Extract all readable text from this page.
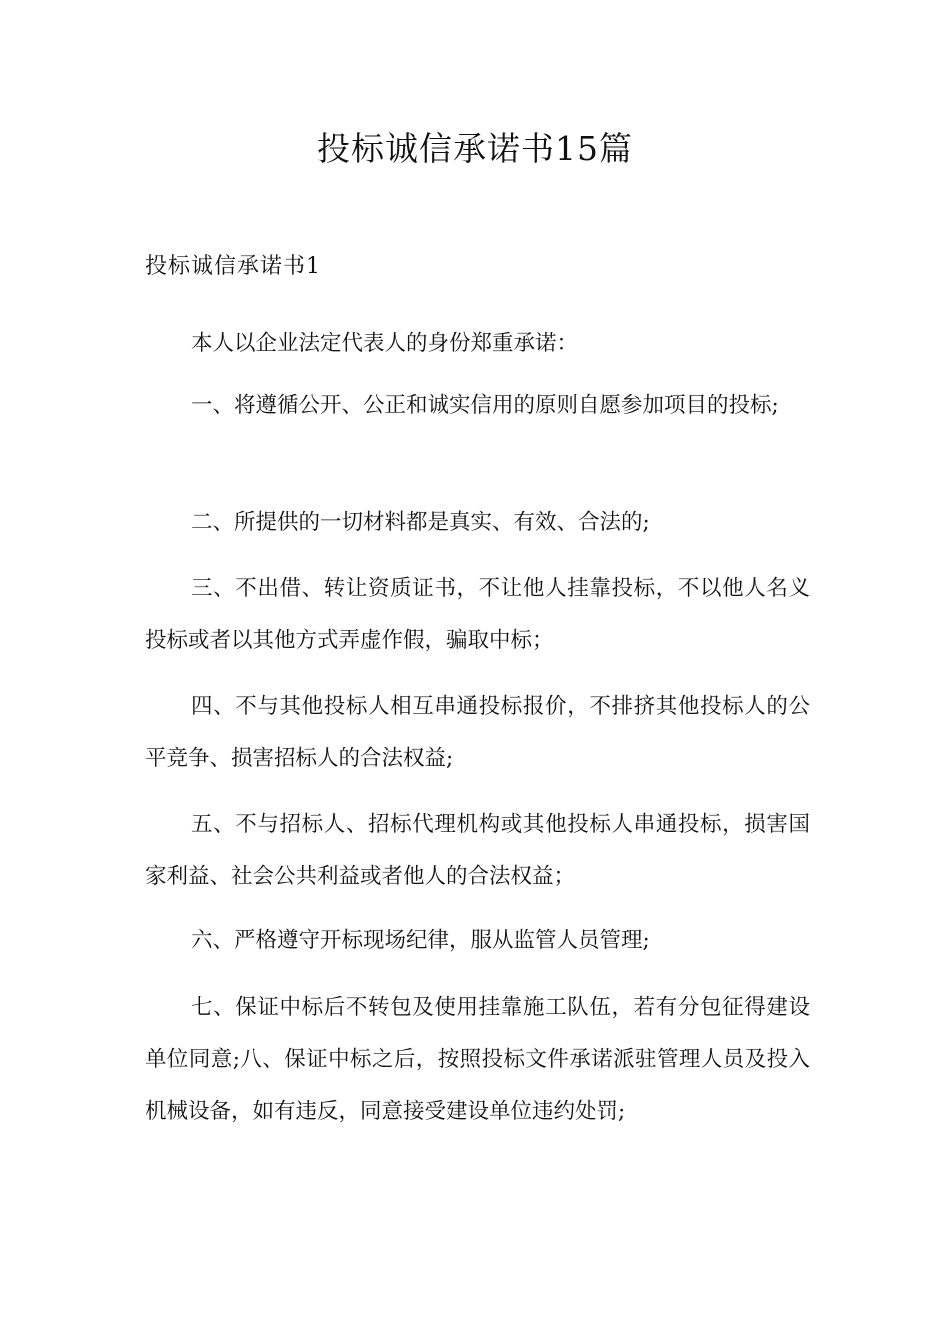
投标诚信承诺书15篇
投标诚信承诺书1

本人以企业法定代表人的身份郑重承诺：

一、将遵循公开、公正和诚实信用的原则自愿参加项目的投标;

二、所提供的一切材料都是真实、有效、合法的;

三、不出借、转让资质证书，不让他人挂靠投标，不以他人名义投标或者以其他方式弄虚作假，骗取中标；

四、不与其他投标人相互串通投标报价，不排挤其他投标人的公平竞争、损害招标人的合法权益;

五、不与招标人、招标代理机构或其他投标人串通投标，损害国家利益、社会公共利益或者他人的合法权益；

六、严格遵守开标现场纪律，服从监管人员管理;

七、保证中标后不转包及使用挂靠施工队伍，若有分包征得建设单位同意;八、保证中标之后，按照投标文件承诺派驻管理人员及投入机械设备，如有违反，同意接受建设单位违约处罚;
